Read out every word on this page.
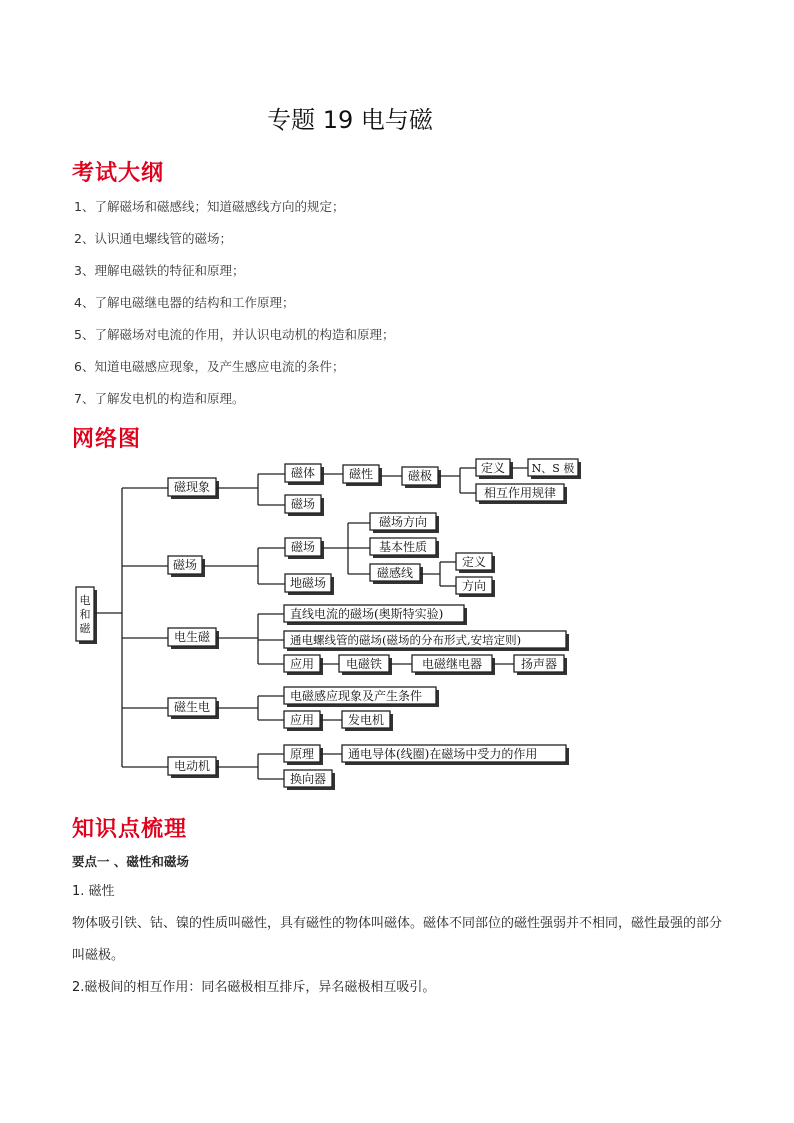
专题 19 电与磁
考试大纲
1、了解磁场和磁感线；知道磁感线方向的规定；
2、认识通电螺线管的磁场；
3、理解电磁铁的特征和原理；
4、了解电磁继电器的结构和工作原理；
5、了解磁场对电流的作用，并认识电动机的构造和原理；
6、知道电磁感应现象，及产生感应电流的条件；
7、了解发电机的构造和原理。
网络图
电
和
磁
磁现象
磁体	磁性	磁极
定义 N、S 极
相互作用规律
磁场
磁场
磁场
磁场方向
基本性质
磁感线
定义
方向
地磁场
电生磁
直线电流的磁场(奥斯特实验)
通电螺线管的磁场(磁场的分布形式,安培定则)
应用	电磁铁	电磁继电器	扬声器
磁生电
电磁感应现象及产生条件
应用	发电机
电动机
原理	通电导体(线圈)在磁场中受力的作用
换向器
知识点梳理
要点一 、磁性和磁场
1. 磁性
物体吸引铁、钴、镍的性质叫磁性，具有磁性的物体叫磁体。磁体不同部位的磁性强弱并不相同，磁性最强的部分叫磁极。
2.磁极间的相互作用：同名磁极相互排斥，异名磁极相互吸引。
